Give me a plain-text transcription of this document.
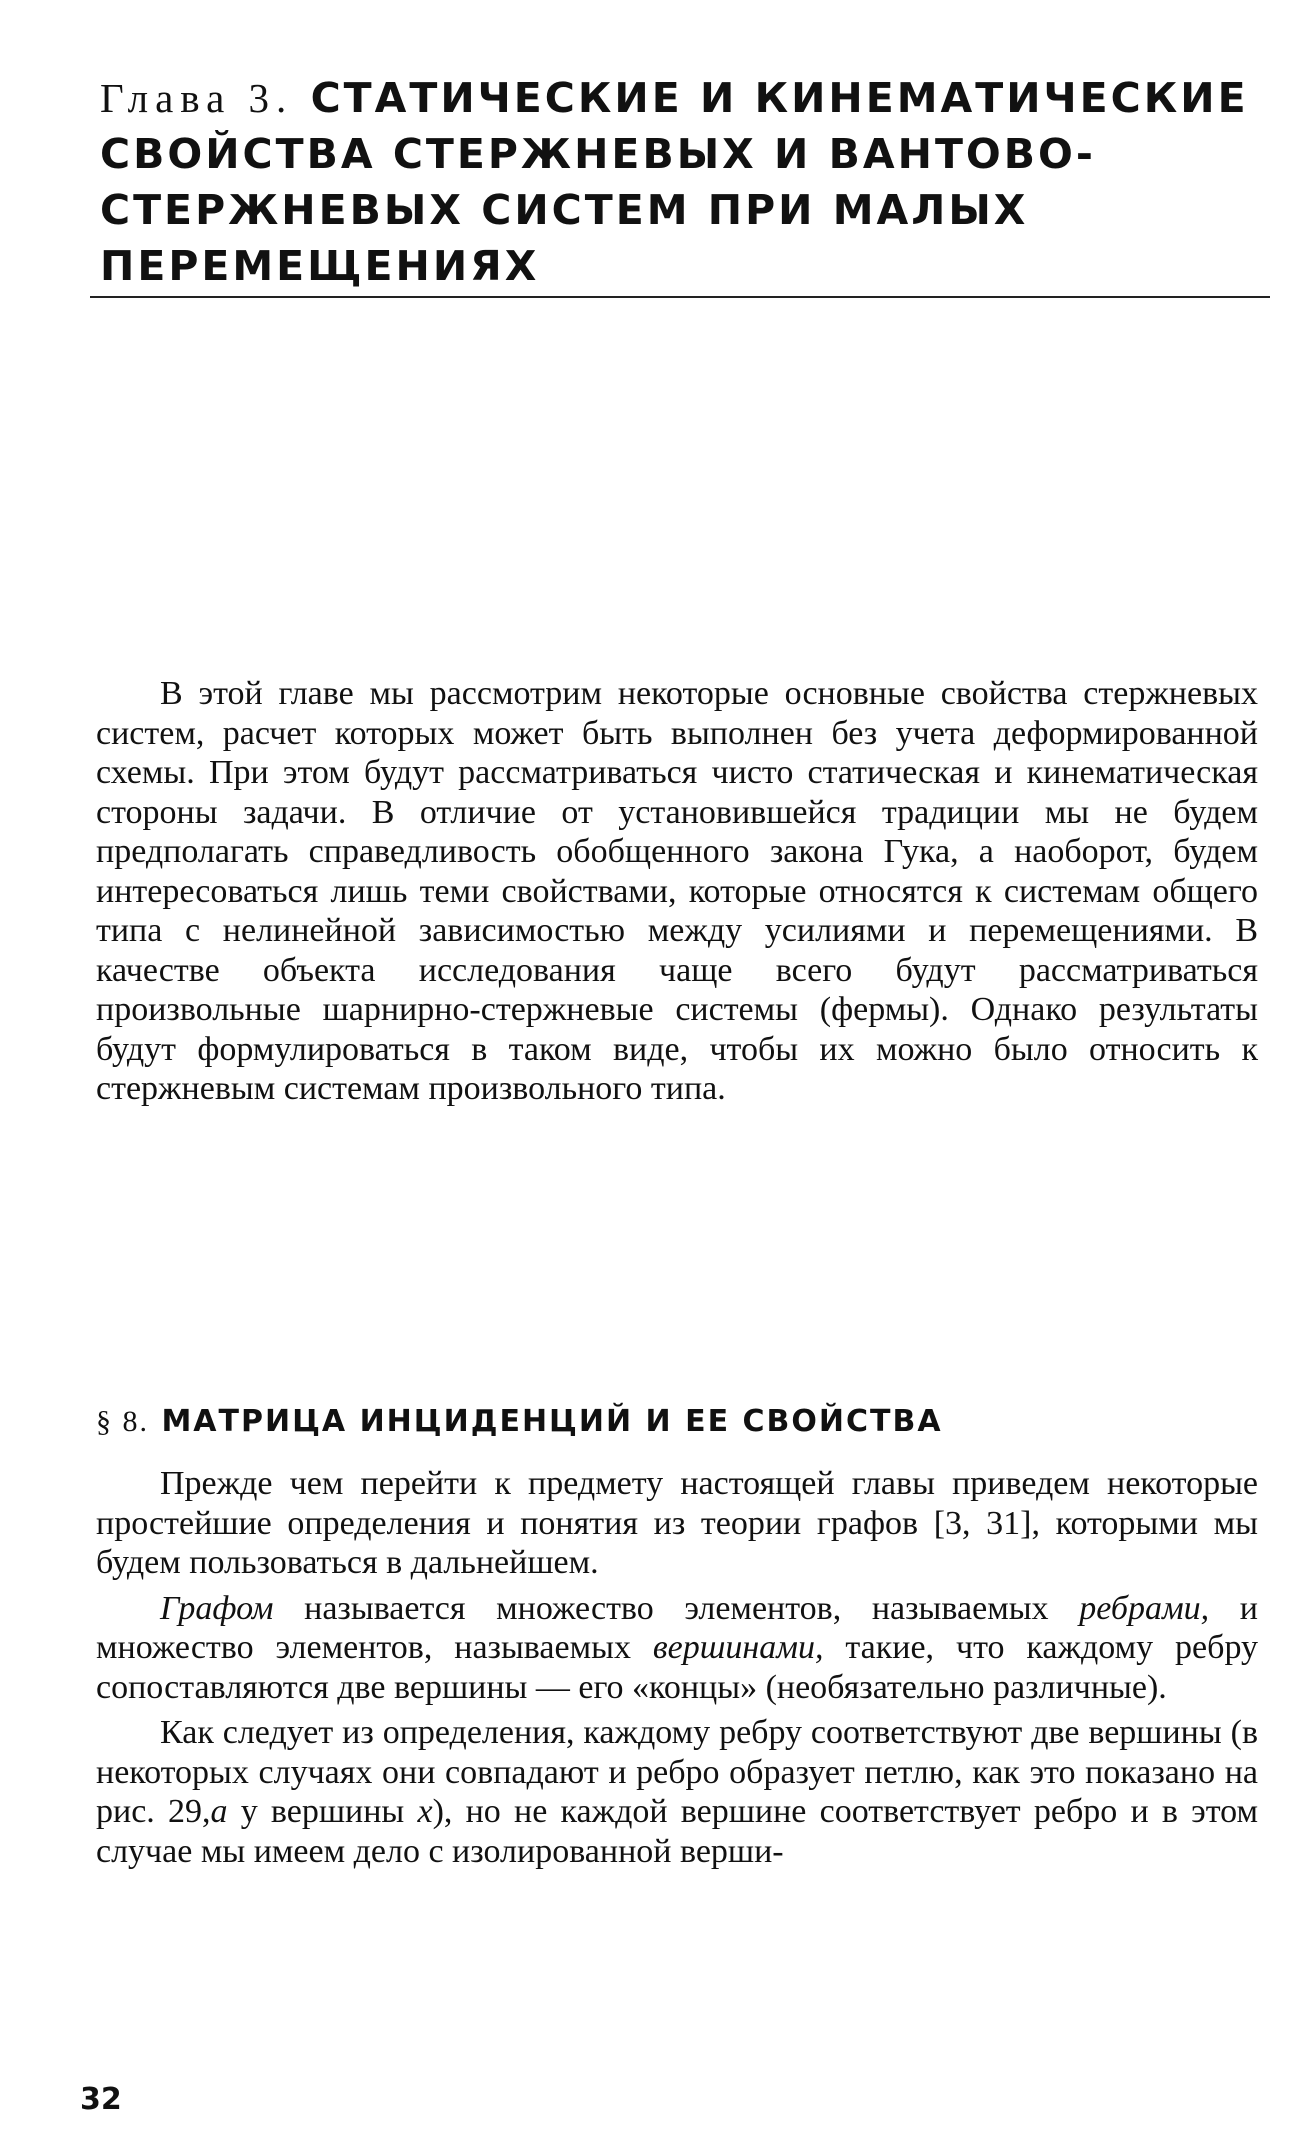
Глава 3. СТАТИЧЕСКИЕ И КИНЕМАТИЧЕСКИЕ СВОЙСТВА СТЕРЖНЕВЫХ И ВАНТОВО-СТЕРЖНЕВЫХ СИСТЕМ ПРИ МАЛЫХ ПЕРЕМЕЩЕНИЯХ

В этой главе мы рассмотрим некоторые основные свойства стержневых систем, расчет которых может быть выполнен без учета деформированной схемы. При этом будут рассматриваться чисто статическая и кинематическая стороны задачи. В отличие от установившейся традиции мы не будем предполагать справедливость обобщенного закона Гука, а наоборот, будем интересоваться лишь теми свойствами, которые относятся к системам общего типа с нелинейной зависимостью между усилиями и перемещениями. В качестве объекта исследования чаще всего будут рассматриваться произвольные шарнирно-стержневые системы (фермы). Однако результаты будут формулироваться в таком виде, чтобы их можно было относить к стержневым системам произвольного типа.

§ 8. МАТРИЦА ИНЦИДЕНЦИЙ И ЕЕ СВОЙСТВА

Прежде чем перейти к предмету настоящей главы приведем некоторые простейшие определения и понятия из теории графов [3, 31], которыми мы будем пользоваться в дальнейшем.

Графом называется множество элементов, называемых ребрами, и множество элементов, называемых вершинами, такие, что каждому ребру сопоставляются две вершины — его «концы» (необязательно различные).

Как следует из определения, каждому ребру соответствуют две вершины (в некоторых случаях они совпадают и ребро образует петлю, как это показано на рис. 29,а у вершины x), но не каждой вершине соответствует ребро и в этом случае мы имеем дело с изолированной верши-

32
